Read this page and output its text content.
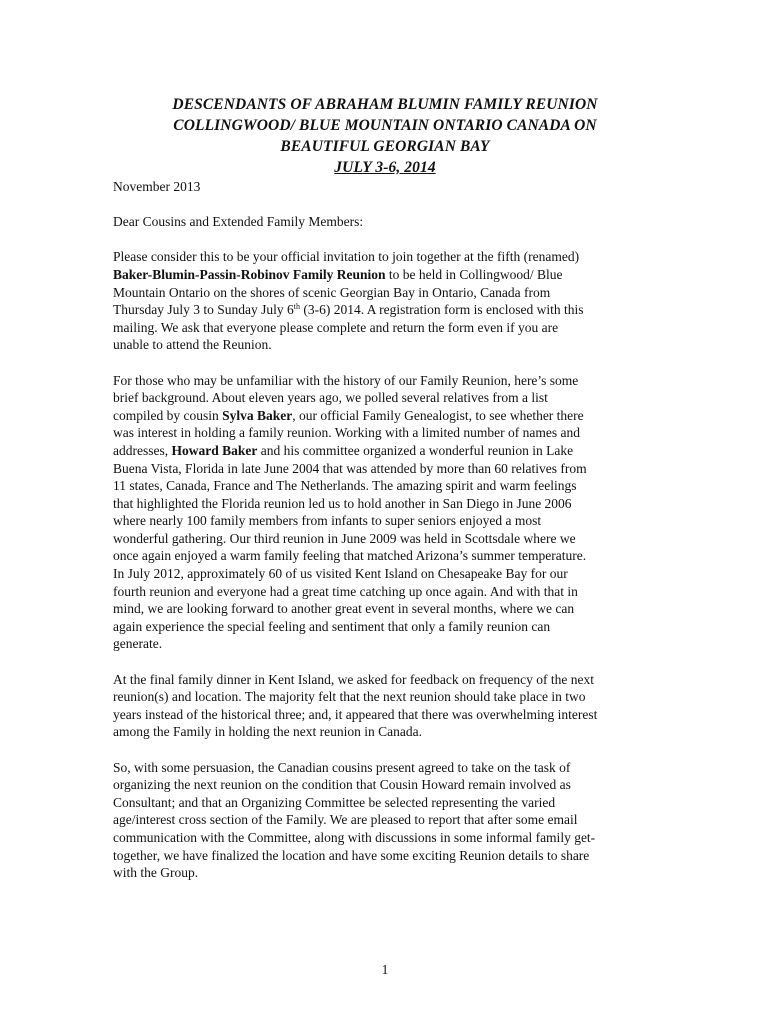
DESCENDANTS OF ABRAHAM BLUMIN FAMILY REUNION
COLLINGWOOD/ BLUE MOUNTAIN ONTARIO CANADA ON
BEAUTIFUL GEORGIAN BAY
JULY 3-6, 2014
November 2013
Dear Cousins and Extended Family Members:
Please consider this to be your official invitation to join together at the fifth (renamed)
Baker-Blumin-Passin-Robinov Family Reunion to be held in Collingwood/ Blue
Mountain Ontario on the shores of scenic Georgian Bay in Ontario, Canada from
Thursday July 3 to Sunday July 6th (3-6) 2014. A registration form is enclosed with this
mailing. We ask that everyone please complete and return the form even if you are
unable to attend the Reunion.
For those who may be unfamiliar with the history of our Family Reunion, here’s some
brief background. About eleven years ago, we polled several relatives from a list
compiled by cousin Sylva Baker, our official Family Genealogist, to see whether there
was interest in holding a family reunion. Working with a limited number of names and
addresses, Howard Baker and his committee organized a wonderful reunion in Lake
Buena Vista, Florida in late June 2004 that was attended by more than 60 relatives from
11 states, Canada, France and The Netherlands. The amazing spirit and warm feelings
that highlighted the Florida reunion led us to hold another in San Diego in June 2006
where nearly 100 family members from infants to super seniors enjoyed a most
wonderful gathering. Our third reunion in June 2009 was held in Scottsdale where we
once again enjoyed a warm family feeling that matched Arizona’s summer temperature.
In July 2012, approximately 60 of us visited Kent Island on Chesapeake Bay for our
fourth reunion and everyone had a great time catching up once again. And with that in
mind, we are looking forward to another great event in several months, where we can
again experience the special feeling and sentiment that only a family reunion can
generate.
At the final family dinner in Kent Island, we asked for feedback on frequency of the next
reunion(s) and location. The majority felt that the next reunion should take place in two
years instead of the historical three; and, it appeared that there was overwhelming interest
among the Family in holding the next reunion in Canada.
So, with some persuasion, the Canadian cousins present agreed to take on the task of
organizing the next reunion on the condition that Cousin Howard remain involved as
Consultant; and that an Organizing Committee be selected representing the varied
age/interest cross section of the Family. We are pleased to report that after some email
communication with the Committee, along with discussions in some informal family get-
together, we have finalized the location and have some exciting Reunion details to share
with the Group.
1
